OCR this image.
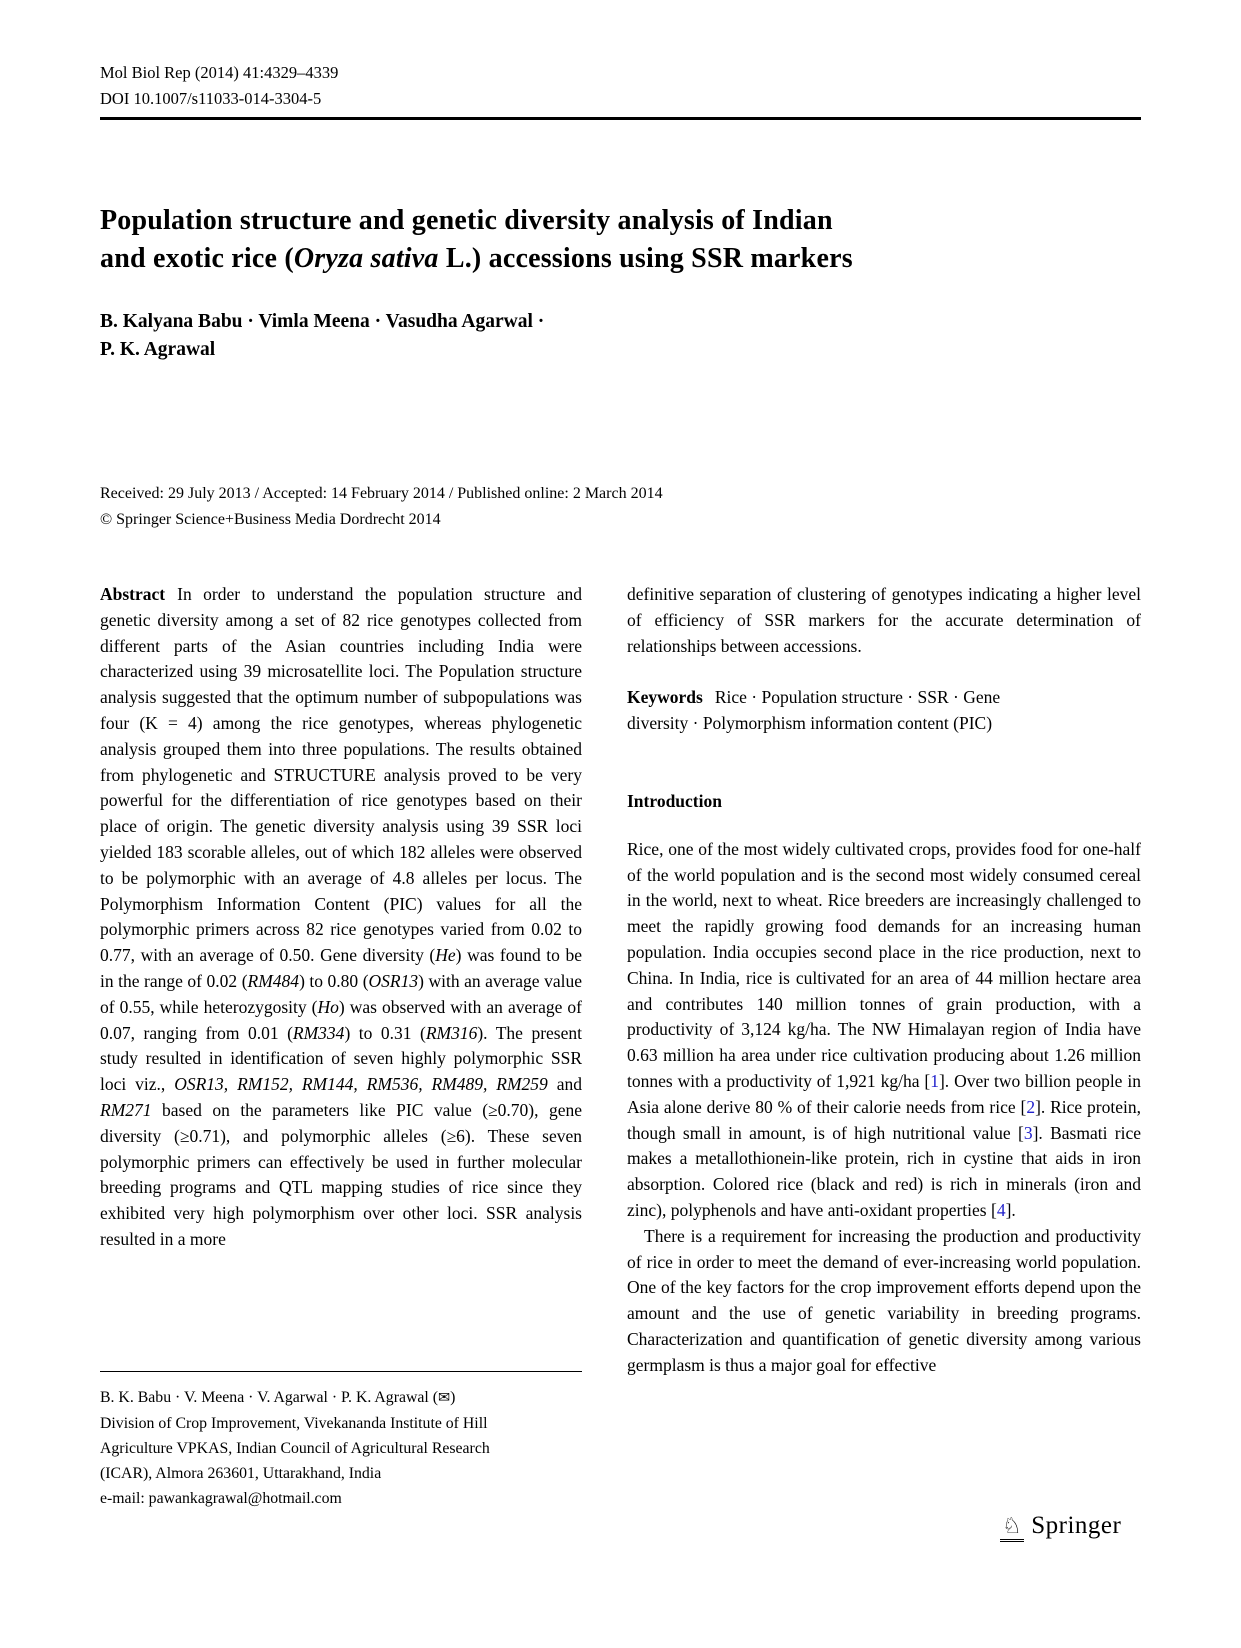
Mol Biol Rep (2014) 41:4329–4339
DOI 10.1007/s11033-014-3304-5
Population structure and genetic diversity analysis of Indian
and exotic rice (Oryza sativa L.) accessions using SSR markers
B. Kalyana Babu · Vimla Meena · Vasudha Agarwal ·
P. K. Agrawal
Received: 29 July 2013 / Accepted: 14 February 2014 / Published online: 2 March 2014
© Springer Science+Business Media Dordrecht 2014

Abstract In order to understand the population structure and genetic diversity among a set of 82 rice genotypes collected from different parts of the Asian countries including India were characterized using 39 microsatellite loci. The Population structure analysis suggested that the optimum number of subpopulations was four (K = 4) among the rice genotypes, whereas phylogenetic analysis grouped them into three populations. The results obtained from phylogenetic and STRUCTURE analysis proved to be very powerful for the differentiation of rice genotypes based on their place of origin. The genetic diversity analysis using 39 SSR loci yielded 183 scorable alleles, out of which 182 alleles were observed to be polymorphic with an average of 4.8 alleles per locus. The Polymorphism Information Content (PIC) values for all the polymorphic primers across 82 rice genotypes varied from 0.02 to 0.77, with an average of 0.50. Gene diversity (He) was found to be in the range of 0.02 (RM484) to 0.80 (OSR13) with an average value of 0.55, while heterozygosity (Ho) was observed with an average of 0.07, ranging from 0.01 (RM334) to 0.31 (RM316). The present study resulted in identification of seven highly polymorphic SSR loci viz., OSR13, RM152, RM144, RM536, RM489, RM259 and RM271 based on the parameters like PIC value (≥0.70), gene diversity (≥0.71), and polymorphic alleles (≥6). These seven polymorphic primers can effectively be used in further molecular breeding programs and QTL mapping studies of rice since they exhibited very high polymorphism over other loci. SSR analysis resulted in a more

definitive separation of clustering of genotypes indicating a higher level of efficiency of SSR markers for the accurate determination of relationships between accessions.

Keywords Rice · Population structure · SSR · Gene
diversity · Polymorphism information content (PIC)
Introduction

Rice, one of the most widely cultivated crops, provides food for one-half of the world population and is the second most widely consumed cereal in the world, next to wheat. Rice breeders are increasingly challenged to meet the rapidly growing food demands for an increasing human population. India occupies second place in the rice production, next to China. In India, rice is cultivated for an area of 44 million hectare area and contributes 140 million tonnes of grain production, with a productivity of 3,124 kg/ha. The NW Himalayan region of India have 0.63 million ha area under rice cultivation producing about 1.26 million tonnes with a productivity of 1,921 kg/ha [1]. Over two billion people in Asia alone derive 80 % of their calorie needs from rice [2]. Rice protein, though small in amount, is of high nutritional value [3]. Basmati rice makes a metallothionein-like protein, rich in cystine that aids in iron absorption. Colored rice (black and red) is rich in minerals (iron and zinc), polyphenols and have anti-oxidant properties [4].

There is a requirement for increasing the production and productivity of rice in order to meet the demand of ever-increasing world population. One of the key factors for the crop improvement efforts depend upon the amount and the use of genetic variability in breeding programs. Characterization and quantification of genetic diversity among various germplasm is thus a major goal for effective

B. K. Babu · V. Meena · V. Agarwal · P. K. Agrawal (✉)
Division of Crop Improvement, Vivekananda Institute of Hill
Agriculture VPKAS, Indian Council of Agricultural Research
(ICAR), Almora 263601, Uttarakhand, India
e-mail: pawankagrawal@hotmail.com
♘ Springer
